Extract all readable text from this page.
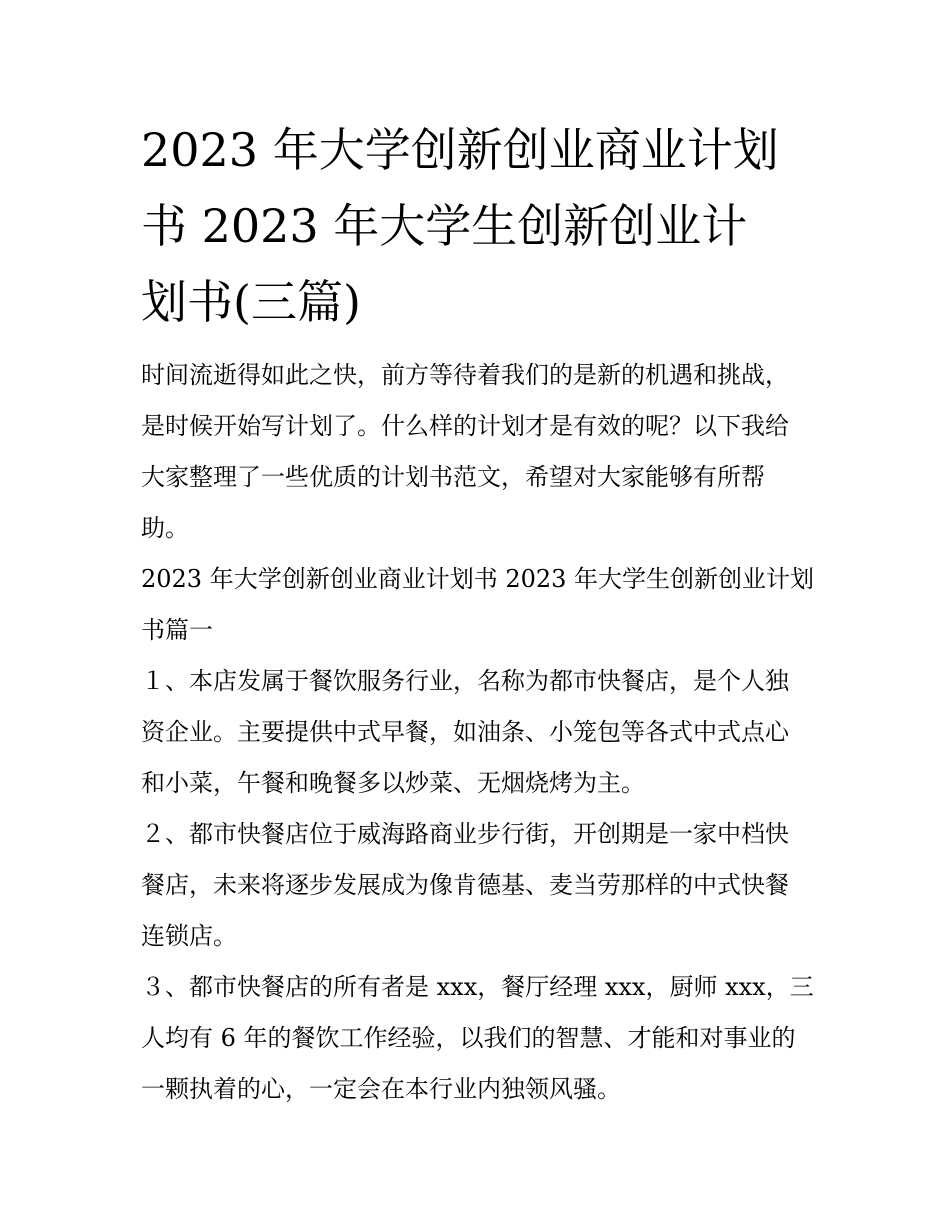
2023 年大学创新创业商业计划
书 2023 年大学生创新创业计
划书(三篇)

时间流逝得如此之快，前方等待着我们的是新的机遇和挑战，
是时候开始写计划了。什么样的计划才是有效的呢？以下我给
大家整理了一些优质的计划书范文，希望对大家能够有所帮
助。

2023 年大学创新创业商业计划书 2023 年大学生创新创业计划
书篇一

１、本店发属于餐饮服务行业，名称为都市快餐店，是个人独
资企业。主要提供中式早餐，如油条、小笼包等各式中式点心
和小菜，午餐和晚餐多以炒菜、无烟烧烤为主。

２、都市快餐店位于威海路商业步行街，开创期是一家中档快
餐店，未来将逐步发展成为像肯德基、麦当劳那样的中式快餐
连锁店。

３、都市快餐店的所有者是 xxx，餐厅经理 xxx，厨师 xxx，三
人均有 6 年的餐饮工作经验，以我们的智慧、才能和对事业的
一颗执着的心，一定会在本行业内独领风骚。
